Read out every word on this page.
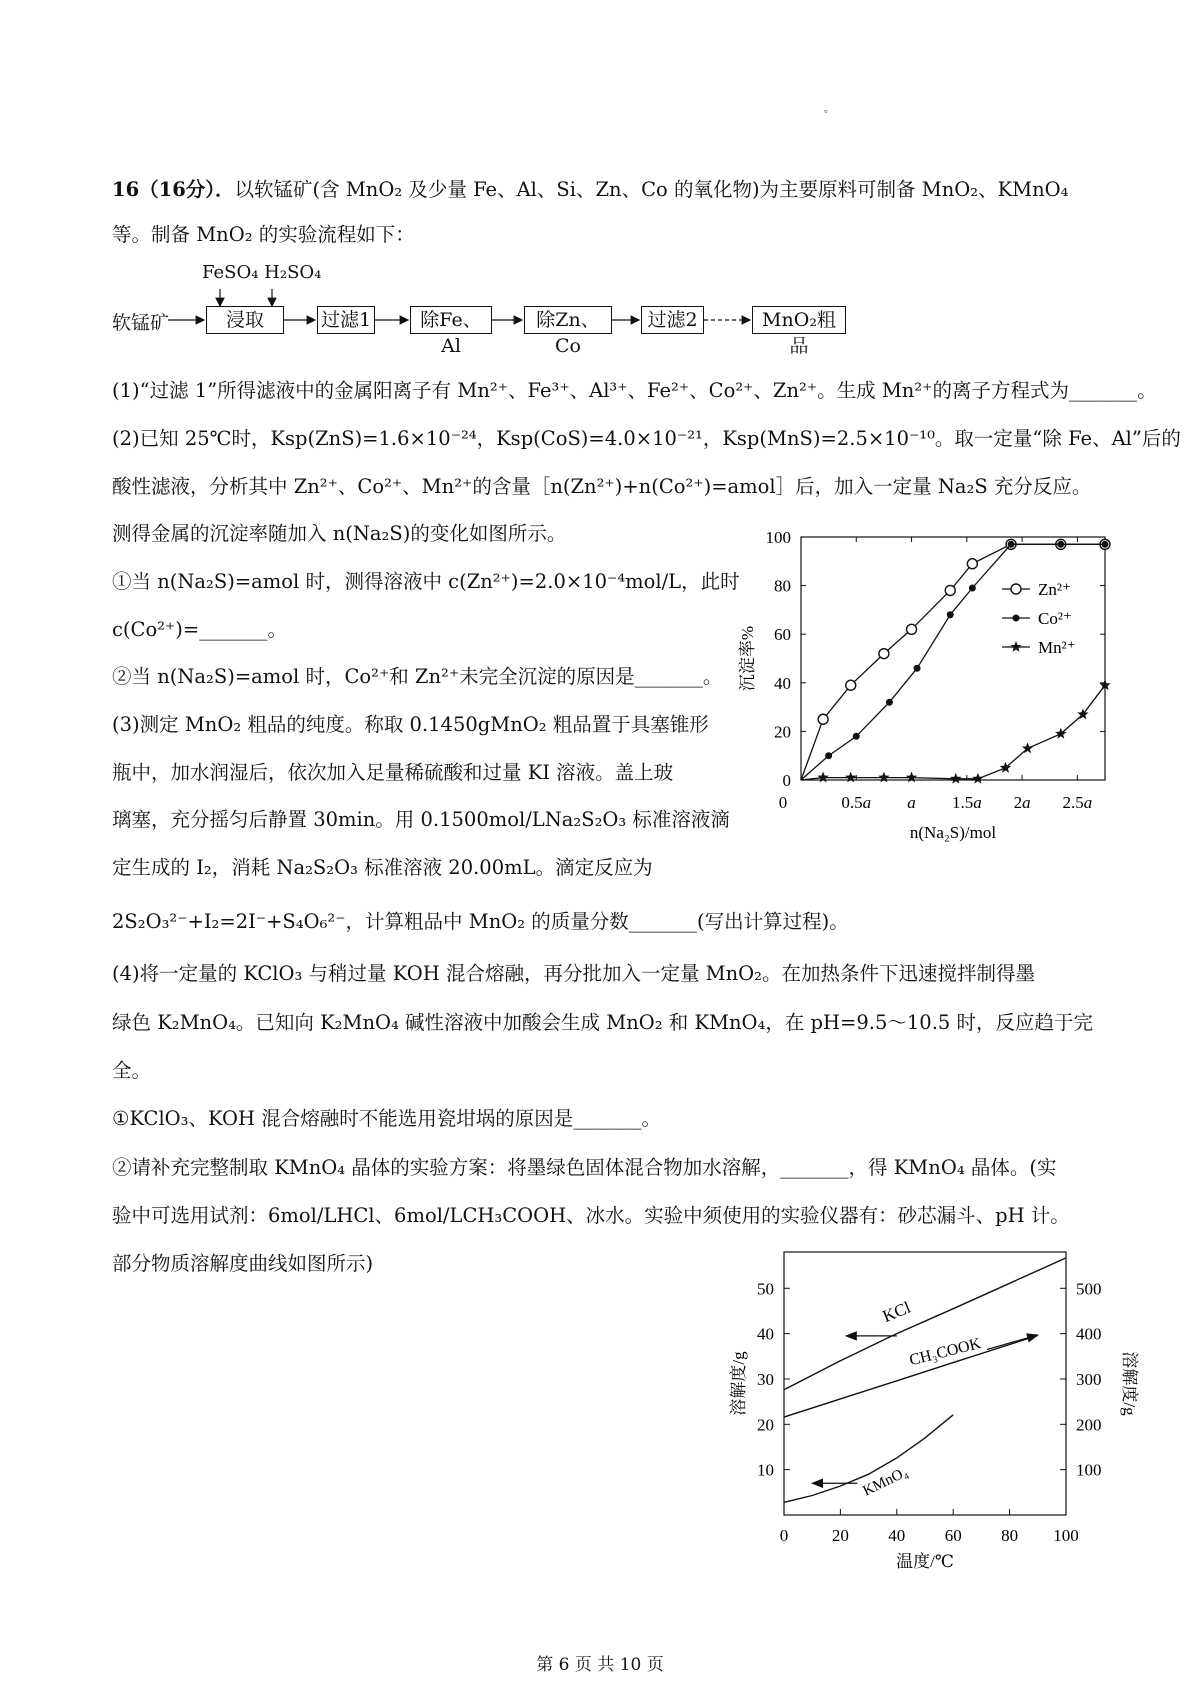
。
16（16分）．以软锰矿(含 MnO₂ 及少量 Fe、Al、Si、Zn、Co 的氧化物)为主要原料可制备 MnO₂、KMnO₄
等。制备 MnO₂ 的实验流程如下：
FeSO₄ H₂SO₄
软锰矿	浸取	过滤1	除Fe、Al
除Zn、Co
过滤2	MnO₂粗品
(1)“过滤 1”所得滤液中的金属阳离子有 Mn²⁺、Fe³⁺、Al³⁺、Fe²⁺、Co²⁺、Zn²⁺。生成 Mn²⁺的离子方程式为_______。
(2)已知 25℃时，Ksp(ZnS)=1.6×10⁻²⁴，Ksp(CoS)=4.0×10⁻²¹，Ksp(MnS)=2.5×10⁻¹⁰。取一定量“除 Fe、Al”后的
酸性滤液，分析其中 Zn²⁺、Co²⁺、Mn²⁺的含量［n(Zn²⁺)+n(Co²⁺)=amol］后，加入一定量 Na₂S 充分反应。
测得金属的沉淀率随加入 n(Na₂S)的变化如图所示。
①当 n(Na₂S)=amol 时，测得溶液中 c(Zn²⁺)=2.0×10⁻⁴mol/L，此时
c(Co²⁺)=_______。
②当 n(Na₂S)=amol 时，Co²⁺和 Zn²⁺未完全沉淀的原因是_______。
(3)测定 MnO₂ 粗品的纯度。称取 0.1450gMnO₂ 粗品置于具塞锥形
瓶中，加水润湿后，依次加入足量稀硫酸和过量 KI 溶液。盖上玻
璃塞，充分摇匀后静置 30min。用 0.1500mol/LNa₂S₂O₃ 标准溶液滴
定生成的 I₂，消耗 Na₂S₂O₃ 标准溶液 20.00mL。滴定反应为
2S₂O₃²⁻+I₂=2I⁻+S₄O₆²⁻，计算粗品中 MnO₂ 的质量分数_______(写出计算过程)。
(4)将一定量的 KClO₃ 与稍过量 KOH 混合熔融，再分批加入一定量 MnO₂。在加热条件下迅速搅拌制得墨
绿色 K₂MnO₄。已知向 K₂MnO₄ 碱性溶液中加酸会生成 MnO₂ 和 KMnO₄，在 pH=9.5～10.5 时，反应趋于完
全。
①KClO₃、KOH 混合熔融时不能选用瓷坩埚的原因是_______。
②请补充完整制取 KMnO₄ 晶体的实验方案：将墨绿色固体混合物加水溶解，_______，得 KMnO₄ 晶体。(实
验中可选用试剂：6mol/LHCl、6mol/LCH₃COOH、冰水。实验中须使用的实验仪器有：砂芯漏斗、pH 计。
部分物质溶解度曲线如图所示)
0
20
40
60
80
100
0	0.5a a 1.5a 2a 2.5a
n(Na₂S)/mol
沉淀率%
Zn²⁺
Co²⁺
Mn²⁺
10
20
30
40
50
100
200
300
400
500
0	20 40 60 80 100
温度/℃
溶解度/g	溶解度/g
KCl
CH₃COOK
KMnO₄
第 6 页 共 10 页
